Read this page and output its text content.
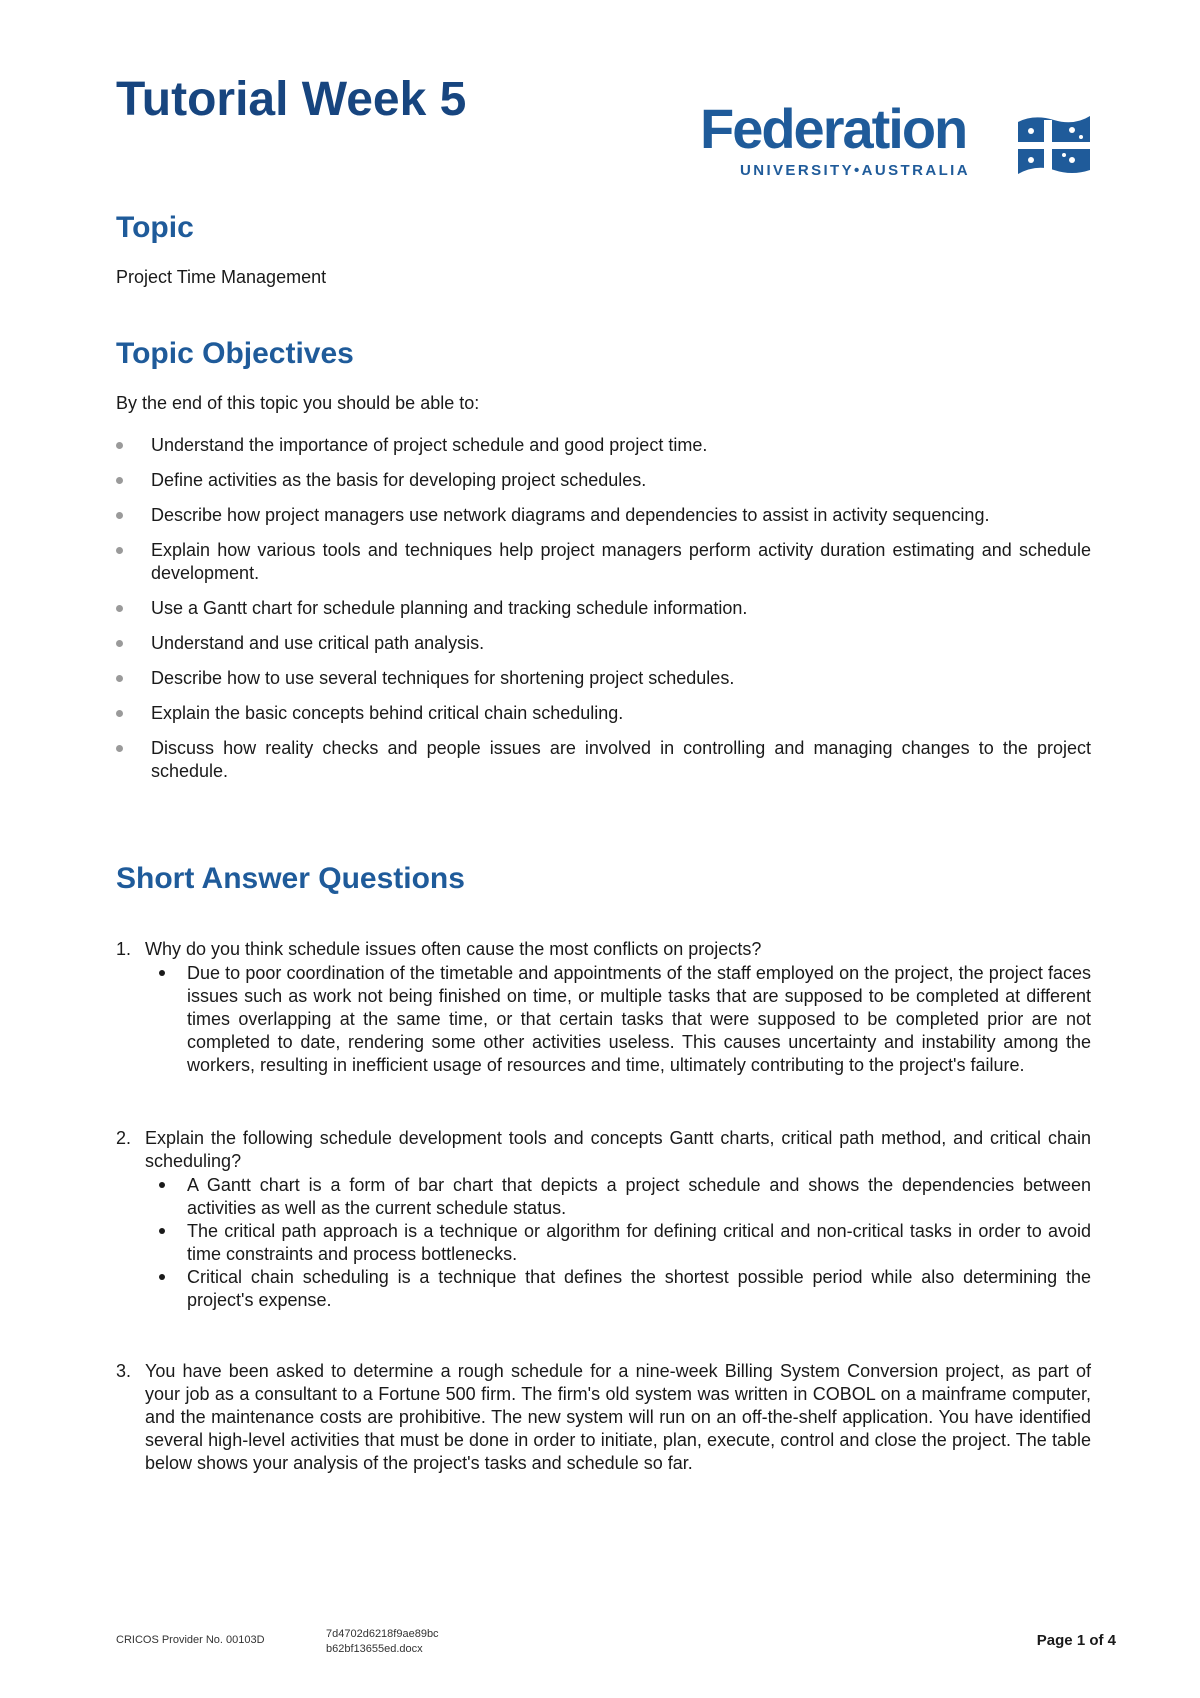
Tutorial Week 5	Federation
UNIVERSITY•AUSTRALIA
Topic

Project Time Management

Topic Objectives

By the end of this topic you should be able to:

Understand the importance of project schedule and good project time.
Define activities as the basis for developing project schedules.
Describe how project managers use network diagrams and dependencies to assist in activity sequencing.
Explain how various tools and techniques help project managers perform activity duration estimating and schedule development.
Use a Gantt chart for schedule planning and tracking schedule information.
Understand and use critical path analysis.
Describe how to use several techniques for shortening project schedules.
Explain the basic concepts behind critical chain scheduling.
Discuss how reality checks and people issues are involved in controlling and managing changes to the project schedule.
Short Answer Questions
1. Why do you think schedule issues often cause the most conflicts on projects?
Due to poor coordination of the timetable and appointments of the staff employed on the project, the project faces issues such as work not being finished on time, or multiple tasks that are supposed to be completed at different times overlapping at the same time, or that certain tasks that were supposed to be completed prior are not completed to date, rendering some other activities useless. This causes uncertainty and instability among the workers, resulting in inefficient usage of resources and time, ultimately contributing to the project's failure.
2. Explain the following schedule development tools and concepts Gantt charts, critical path method, and critical chain scheduling?
A Gantt chart is a form of bar chart that depicts a project schedule and shows the dependencies between activities as well as the current schedule status.
The critical path approach is a technique or algorithm for defining critical and non-critical tasks in order to avoid time constraints and process bottlenecks.
Critical chain scheduling is a technique that defines the shortest possible period while also determining the project's expense.
3. You have been asked to determine a rough schedule for a nine-week Billing System Conversion project, as part of your job as a consultant to a Fortune 500 firm. The firm's old system was written in COBOL on a mainframe computer, and the maintenance costs are prohibitive. The new system will run on an off-the-shelf application. You have identified several high-level activities that must be done in order to initiate, plan, execute, control and close the project. The table below shows your analysis of the project's tasks and schedule so far.
CRICOS Provider No. 00103D	7d4702d6218f9ae89bc
b62bf13655ed.docx	Page 1 of 4
